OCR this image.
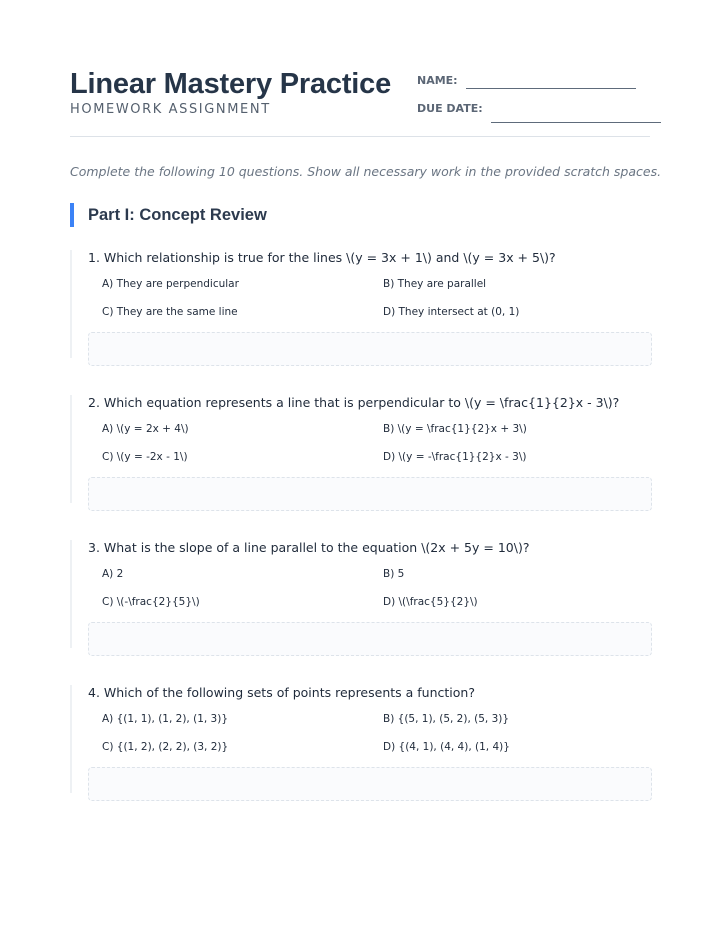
Linear Mastery Practice
HOMEWORK ASSIGNMENT
NAME:
DUE DATE:
Complete the following 10 questions. Show all necessary work in the provided scratch spaces.
Part I: Concept Review
1. Which relationship is true for the lines \(y = 3x + 1\) and \(y = 3x + 5\)?
A) They are perpendicular	B) They are parallel
C) They are the same line	D) They intersect at (0, 1)
2. Which equation represents a line that is perpendicular to \(y = \frac{1}{2}x - 3\)?
A) \(y = 2x + 4\)	B) \(y = \frac{1}{2}x + 3\)
C) \(y = -2x - 1\)	D) \(y = -\frac{1}{2}x - 3\)
3. What is the slope of a line parallel to the equation \(2x + 5y = 10\)?
A) 2	B) 5
C) \(-\frac{2}{5}\)	D) \(\frac{5}{2}\)
4. Which of the following sets of points represents a function?
A) {(1, 1), (1, 2), (1, 3)}	B) {(5, 1), (5, 2), (5, 3)}
C) {(1, 2), (2, 2), (3, 2)}	D) {(4, 1), (4, 4), (1, 4)}
